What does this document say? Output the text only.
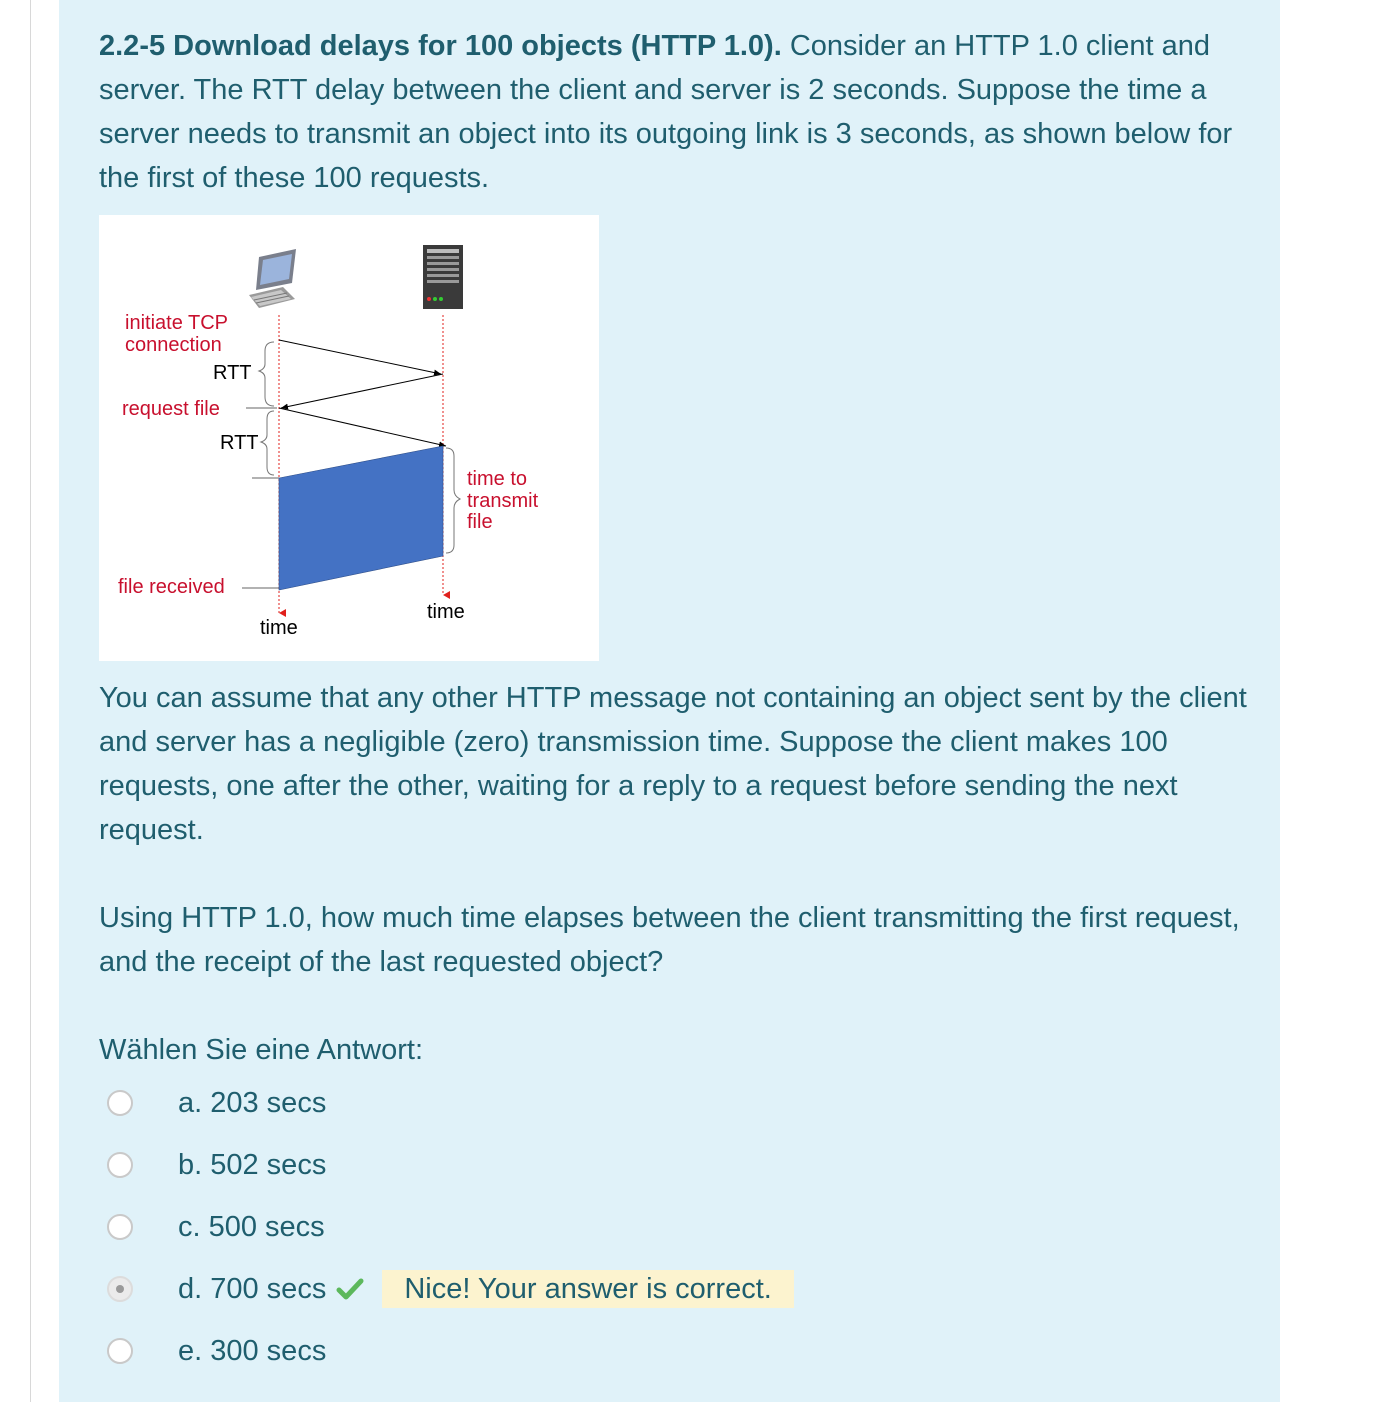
2.2-5 Download delays for 100 objects (HTTP 1.0). Consider an HTTP 1.0 client and server. The RTT delay between the client and server is 2 seconds. Suppose the time a server needs to transmit an object into its outgoing link is 3 seconds, as shown below for the first of these 100 requests.

initiate TCP
connection
RTT
request file
RTT
time to
transmit
file
file received
time
time

You can assume that any other HTTP message not containing an object sent by the client and server has a negligible (zero) transmission time. Suppose the client makes 100 requests, one after the other, waiting for a reply to a request before sending the next request.

Using HTTP 1.0, how much time elapses between the client transmitting the first request, and the receipt of the last requested object?

Wählen Sie eine Antwort:
a. 203 secs
b. 502 secs
c. 500 secs
d. 700 secs	Nice! Your answer is correct.
e. 300 secs
